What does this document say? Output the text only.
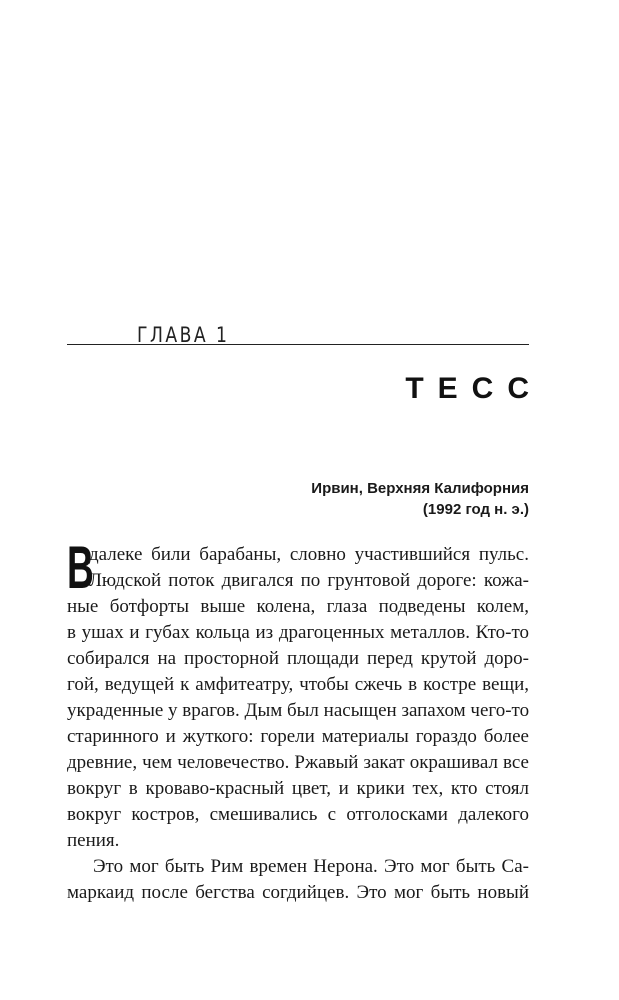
ГЛАВА 1
ТЕСС
Ирвин, Верхняя Калифорния
(1992 год н. э.)
В
далеке били барабаны, словно участившийся пульс.
Людской поток двигался по грунтовой дороге: кожа-
ные ботфорты выше колена, глаза подведены колем,
в ушах и губах кольца из драгоценных металлов. Кто-то
собирался на просторной площади перед крутой доро-
гой, ведущей к амфитеатру, чтобы сжечь в костре вещи,
украденные у врагов. Дым был насыщен запахом чего-то
старинного и жуткого: горели материалы гораздо более
древние, чем человечество. Ржавый закат окрашивал все
вокруг в кроваво-красный цвет, и крики тех, кто стоял
вокруг костров, смешивались с отголосками далекого
пения.
Это мог быть Рим времен Нерона. Это мог быть Са-
маркаид после бегства согдийцев. Это мог быть новый
